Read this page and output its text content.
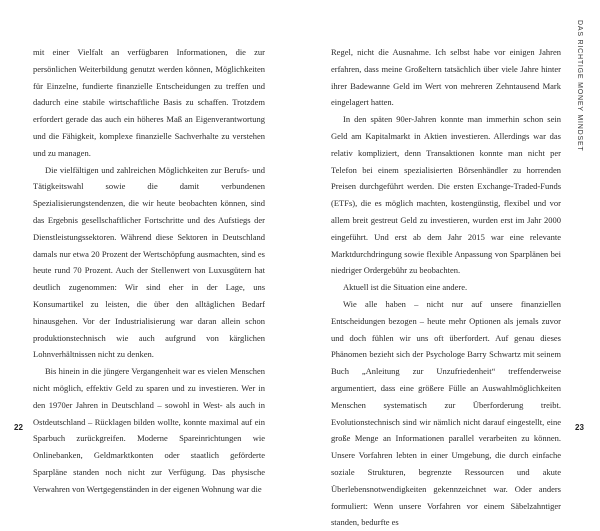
mit einer Vielfalt an verfügbaren Informationen, die zur persönlichen Weiterbildung genutzt werden können, Möglichkeiten für Einzelne, fundierte finanzielle Entscheidungen zu treffen und dadurch eine stabile wirtschaftliche Basis zu schaffen. Trotzdem erfordert gerade das auch ein höheres Maß an Eigenverantwortung und die Fähigkeit, komplexe finanzielle Sachverhalte zu verstehen und zu managen.

Die vielfältigen und zahlreichen Möglichkeiten zur Berufs- und Tätigkeitswahl sowie die damit verbundenen Spezialisierungstendenzen, die wir heute beobachten können, sind das Ergebnis gesellschaftlicher Fortschritte und des Aufstiegs der Dienstleistungssektoren. Während diese Sektoren in Deutschland damals nur etwa 20 Prozent der Wertschöpfung ausmachten, sind es heute rund 70 Prozent. Auch der Stellenwert von Luxusgütern hat deutlich zugenommen: Wir sind eher in der Lage, uns Konsumartikel zu leisten, die über den alltäglichen Bedarf hinausgehen. Vor der Industrialisierung war daran allein schon produktionstechnisch wie auch aufgrund von kärglichen Lohnverhältnissen nicht zu denken.

Bis hinein in die jüngere Vergangenheit war es vielen Menschen nicht möglich, effektiv Geld zu sparen und zu investieren. Wer in den 1970er Jahren in Deutschland – sowohl in West- als auch in Ostdeutschland – Rücklagen bilden wollte, konnte maximal auf ein Sparbuch zurückgreifen. Moderne Spareinrichtungen wie Onlinebanken, Geldmarktkonten oder staatlich geförderte Sparpläne standen noch nicht zur Verfügung. Das physische Verwahren von Wertgegenständen in der eigenen Wohnung war die

22

Regel, nicht die Ausnahme. Ich selbst habe vor einigen Jahren erfahren, dass meine Großeltern tatsächlich über viele Jahre hinter ihrer Badewanne Geld im Wert von mehreren Zehntausend Mark eingelagert hatten.

In den späten 90er-Jahren konnte man immerhin schon sein Geld am Kapitalmarkt in Aktien investieren. Allerdings war das relativ kompliziert, denn Transaktionen konnte man nicht per Telefon bei einem spezialisierten Börsenhändler zu horrenden Preisen durchgeführt werden. Die ersten Exchange-Traded-Funds (ETFs), die es möglich machten, kostengünstig, flexibel und vor allem breit gestreut Geld zu investieren, wurden erst im Jahr 2000 eingeführt. Und erst ab dem Jahr 2015 war eine relevante Marktdurchdringung sowie flexible Anpassung von Sparplänen bei niedriger Ordergebühr zu beobachten.

Aktuell ist die Situation eine andere.

Wie alle haben – nicht nur auf unsere finanziellen Entscheidungen bezogen – heute mehr Optionen als jemals zuvor und doch fühlen wir uns oft überfordert. Auf genau dieses Phänomen bezieht sich der Psychologe Barry Schwartz mit seinem Buch „Anleitung zur Unzufriedenheit“ treffenderweise argumentiert, dass eine größere Fülle an Auswahlmöglichkeiten Menschen systematisch zur Überforderung treibt. Evolutionstechnisch sind wir nämlich nicht darauf eingestellt, eine große Menge an Informationen parallel verarbeiten zu können. Unsere Vorfahren lebten in einer Umgebung, die durch einfache soziale Strukturen, begrenzte Ressourcen und akute Überlebensnotwendigkeiten gekennzeichnet war. Oder anders formuliert: Wenn unsere Vorfahren vor einem Säbelzahntiger standen, bedurfte es

DAS RICHTIGE MONEY MINDSET
23
